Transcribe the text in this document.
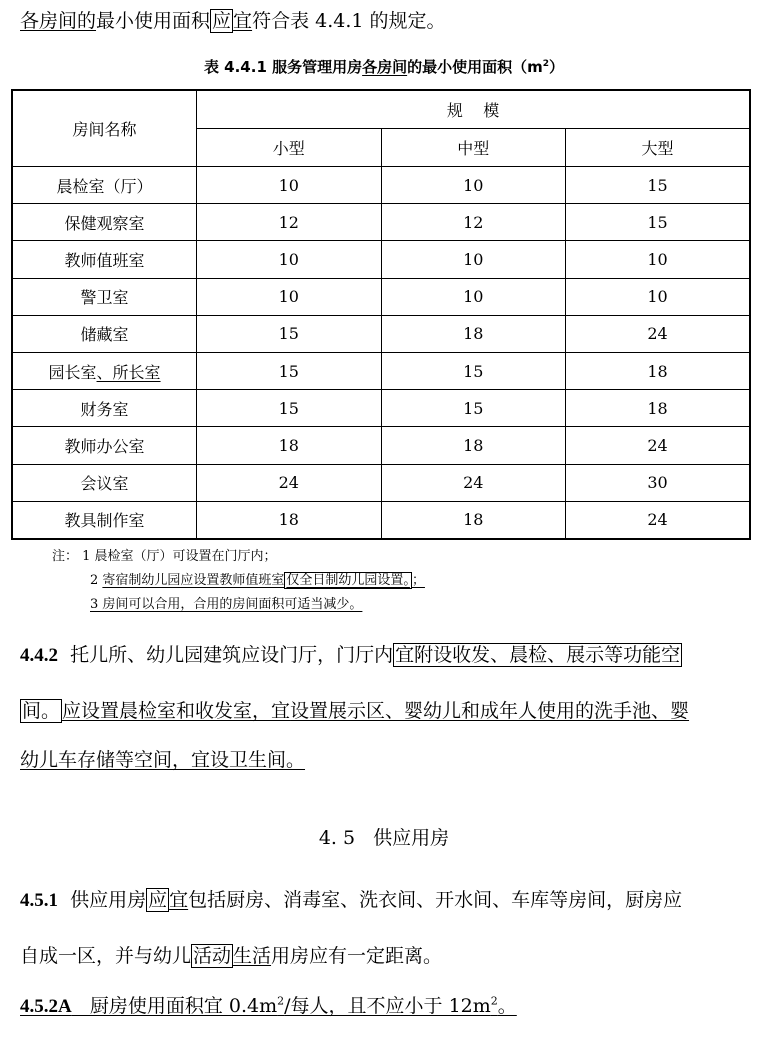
各房间的最小使用面积 应 宜符合表 4.4.1 的规定。
表 4.4.1 服务管理用房各房间的最小使用面积$(m^2)$
房间名称	规    模		
	小型	中型	大型
晨检室（厅）	10	10	15
保健观察室	12	12	15
教师值班室	10	10	10
警卫室	10	10	10
储藏室	15	18	24
园长室、所长室	15	15	18
财务室	15	15	18
教师办公室	18	18	24
会议室	24	24	30
教具制作室	18	18	24
注： 1 晨检室（厅）可设置在门厅内；
2 寄宿制幼儿园应设置教师值班室 仅全日制幼儿园设置。 ；
3 房间可以合用，合用的房间面积可适当减少。
4.4.2  托儿所、幼儿园建筑应设门厅，门厅内 宜附设收发、晨检、展示等功能空
间。 应设置晨检室和收发室，宜设置展示区、婴幼儿和成年人使用的洗手池、婴
幼儿车存储等空间，宜设卫生间。
4. 5   供应用房
4.5.1  供应用房 应 宜包括厨房、消毒室、洗衣间、开水间、车库等房间，厨房应
自成一区，并与幼儿 活动 生活用房应有一定距离。
4.5.2A   厨房使用面积宜 $0.4m^2/$每人，且不应小于 $12m^2$。
